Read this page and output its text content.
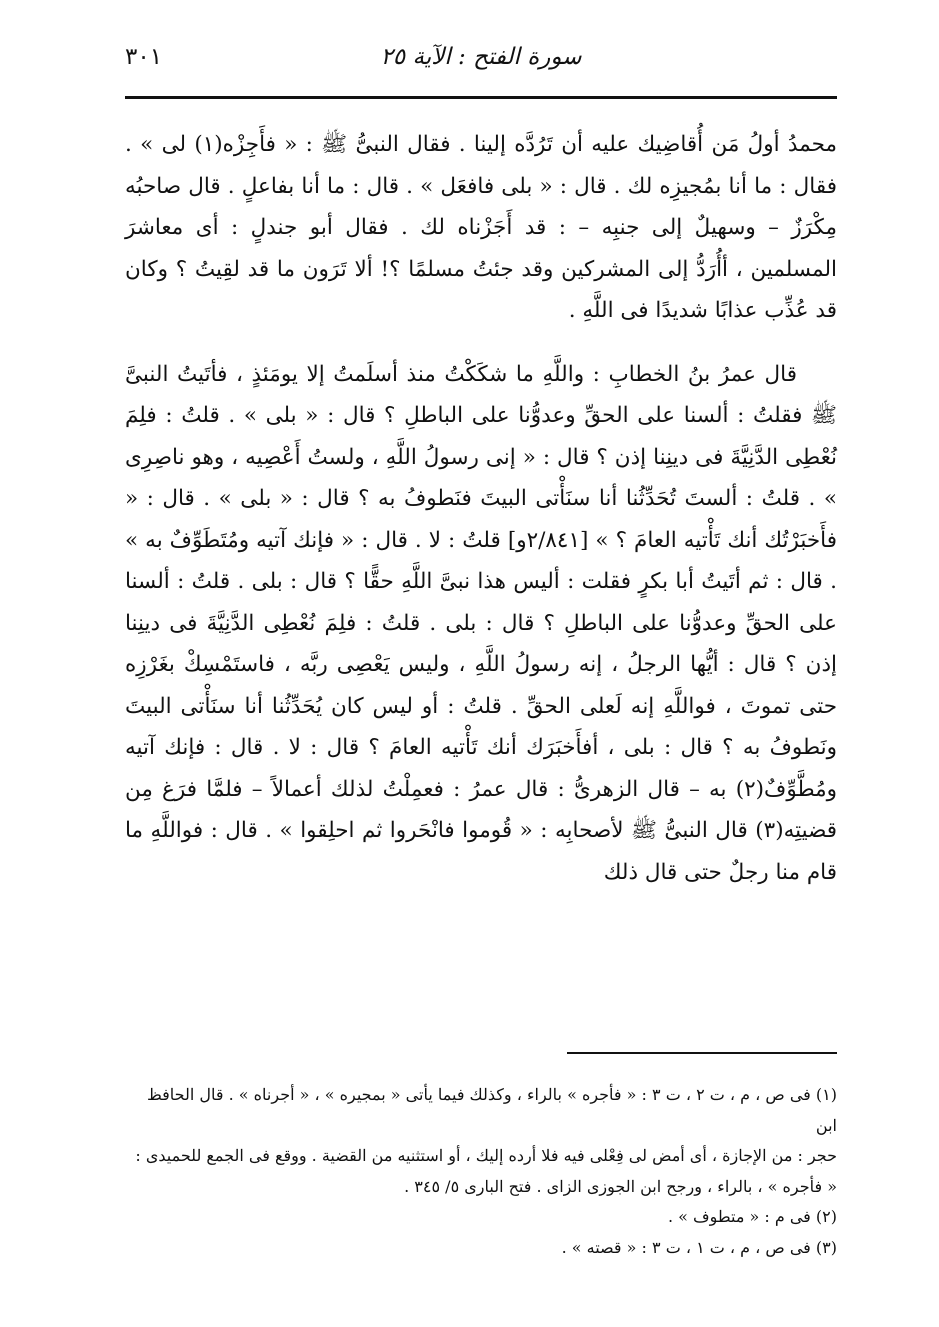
سورة الفتح : الآية ٢٥
٣٠١

محمدُ أولُ مَن أُقاضِيك عليه أن تَرُدَّه إلينا . فقال النبىُّ ﷺ : « فأَجِزْه(١) لى » . فقال : ما أنا بمُجيزِه لك . قال : « بلى فافعَل » . قال : ما أنا بفاعلٍ . قال صاحبُه مِكْرَزٌ – وسهيلٌ إلى جنبِه – : قد أَجَزْناه لك . فقال أبو جندلٍ : أى معاشرَ المسلمين ، أأُرَدُّ إلى المشركين وقد جئتُ مسلمًا ؟! ألا تَرَون ما قد لقِيتُ ؟ وكان قد عُذِّب عذابًا شديدًا فى اللَّهِ .

قال عمرُ بنُ الخطابِ : واللَّهِ ما شكَكْتُ منذ أسلَمتُ إلا يومَئذٍ ، فأتَيتُ النبىَّ ﷺ فقلتُ : ألسنا على الحقِّ وعدوُّنا على الباطلِ ؟ قال : « بلى » . قلتُ : فلِمَ نُعْطِى الدَّنِيَّةَ فى دينِنا إذن ؟ قال : « إنى رسولُ اللَّهِ ، ولستُ أَعْصِيه ، وهو ناصِرِى » . قلتُ : ألستَ تُحَدِّثُنا أنا سنَأْتى البيتَ فنَطوفُ به ؟ قال : « بلى » . قال : « فأَخبَرْتُك أنك تَأْتيه العامَ ؟ » [٢/٨٤١و] قلتُ : لا . قال : « فإنك آتيه ومُتَطَوِّفٌ به » . قال : ثم أتَيتُ أبا بكرٍ فقلت : أليس هذا نبىَّ اللَّهِ حقًّا ؟ قال : بلى . قلتُ : ألسنا على الحقِّ وعدوُّنا على الباطلِ ؟ قال : بلى . قلتُ : فلِمَ نُعْطِى الدَّنِيَّةَ فى دينِنا إذن ؟ قال : أيُّها الرجلُ ، إنه رسولُ اللَّهِ ، وليس يَعْصِى ربَّه ، فاستَمْسِكْ بغَرْزِه حتى تموتَ ، فواللَّهِ إنه لَعلى الحقِّ . قلتُ : أو ليس كان يُحَدِّثُنا أنا سنَأْتى البيتَ ونَطوفُ به ؟ قال : بلى ، أفأَخبَرَك أنك تَأْتيه العامَ ؟ قال : لا . قال : فإنك آتيه ومُطَّوِّفٌ(٢) به – قال الزهرىُّ : قال عمرُ : فعمِلْتُ لذلك أعمالاً – فلمَّا فرَغ مِن قضيتِه(٣) قال النبىُّ ﷺ لأصحابِه : « قُوموا فانْحَروا ثم احلِقوا » . قال : فواللَّهِ ما قام منا رجلٌ حتى قال ذلك

(١) فى ص ، م ، ت ٢ ، ت ٣ : « فأجره » بالراء ، وكذلك فيما يأتى « بمجيره » ، « أجرناه » . قال الحافظ ابن

حجر : من الإجازة ، أى أمض لى فِعْلى فيه فلا أرده إليك ، أو استثنيه من القضية . ووقع فى الجمع للحميدى :

« فأجره » ، بالراء ، ورجح ابن الجوزى الزاى . فتح البارى ٥/ ٣٤٥ .

(٢) فى م : « متطوف » .

(٣) فى ص ، م ، ت ١ ، ت ٣ : « قصته » .
